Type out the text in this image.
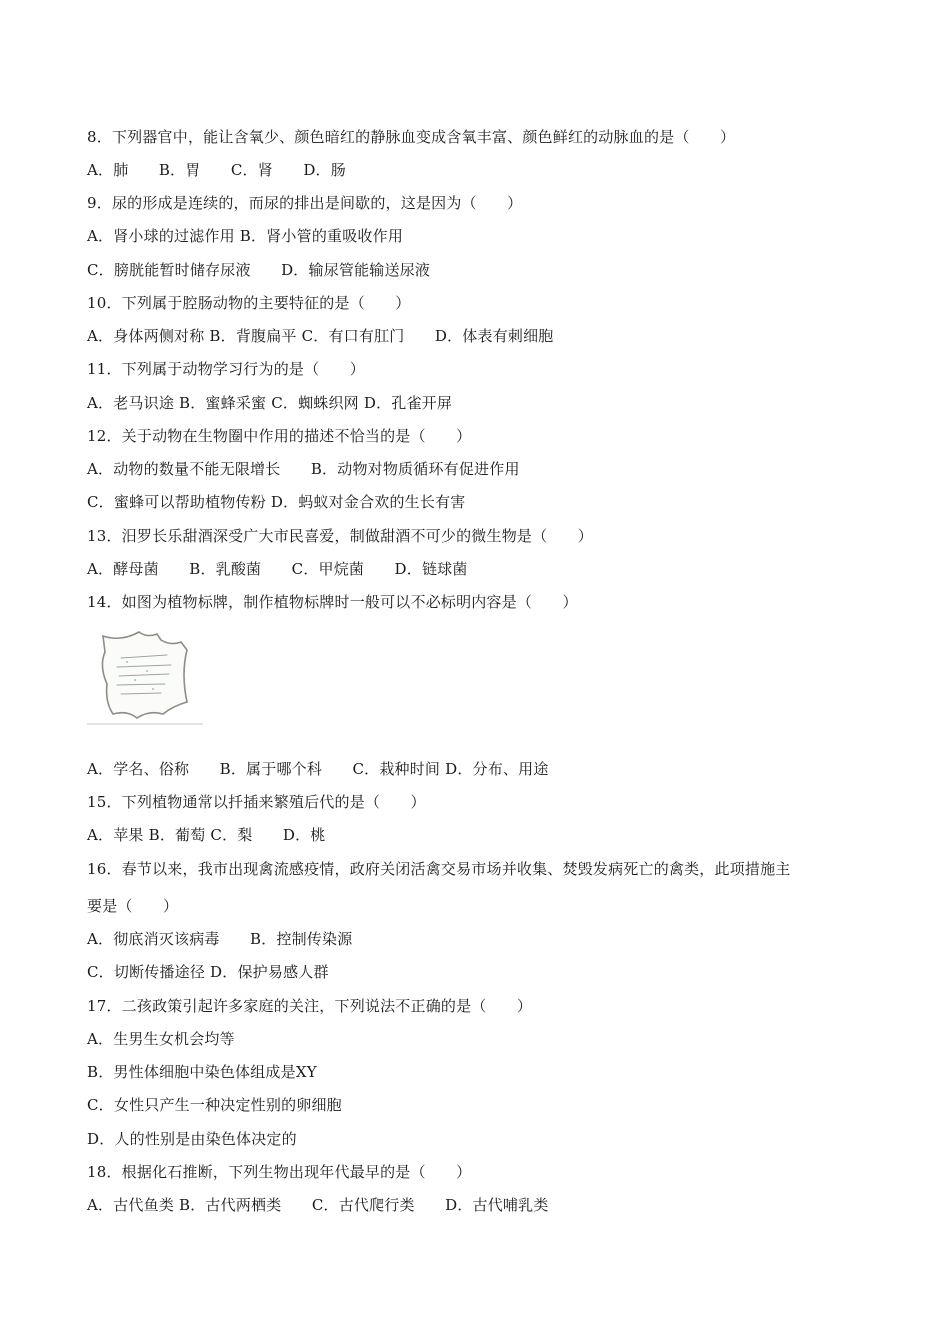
8．下列器官中，能让含氧少、颜色暗红的静脉血变成含氧丰富、颜色鲜红的动脉血的是（　　）
A．肺　　B．胃　　C．肾　　D．肠
9．尿的形成是连续的，而尿的排出是间歇的，这是因为（　　）
A．肾小球的过滤作用 B．肾小管的重吸收作用
C．膀胱能暂时储存尿液　　D．输尿管能输送尿液
10．下列属于腔肠动物的主要特征的是（　　）
A．身体两侧对称 B．背腹扁平 C．有口有肛门　　D．体表有刺细胞
11．下列属于动物学习行为的是（　　）
A．老马识途 B．蜜蜂采蜜 C．蜘蛛织网 D．孔雀开屏
12．关于动物在生物圈中作用的描述不恰当的是（　　）
A．动物的数量不能无限增长　　B．动物对物质循环有促进作用
C．蜜蜂可以帮助植物传粉 D．蚂蚁对金合欢的生长有害
13．汨罗长乐甜酒深受广大市民喜爱，制做甜酒不可少的微生物是（　　）
A．酵母菌　　B．乳酸菌　　C．甲烷菌　　D．链球菌
14．如图为植物标牌，制作植物标牌时一般可以不必标明内容是（　　）
A．学名、俗称　　B．属于哪个科　　C．栽种时间 D．分布、用途
15．下列植物通常以扦插来繁殖后代的是（　　）
A．苹果 B．葡萄 C．梨　　D．桃
16．春节以来，我市出现禽流感疫情，政府关闭活禽交易市场并收集、焚毁发病死亡的禽类，此项措施主
要是（　　）
A．彻底消灭该病毒　　B．控制传染源
C．切断传播途径 D．保护易感人群
17．二孩政策引起许多家庭的关注，下列说法不正确的是（　　）
A．生男生女机会均等
B．男性体细胞中染色体组成是XY
C．女性只产生一种决定性别的卵细胞
D．人的性别是由染色体决定的
18．根据化石推断，下列生物出现年代最早的是（　　）
A．古代鱼类 B．古代两栖类　　C．古代爬行类　　D．古代哺乳类
